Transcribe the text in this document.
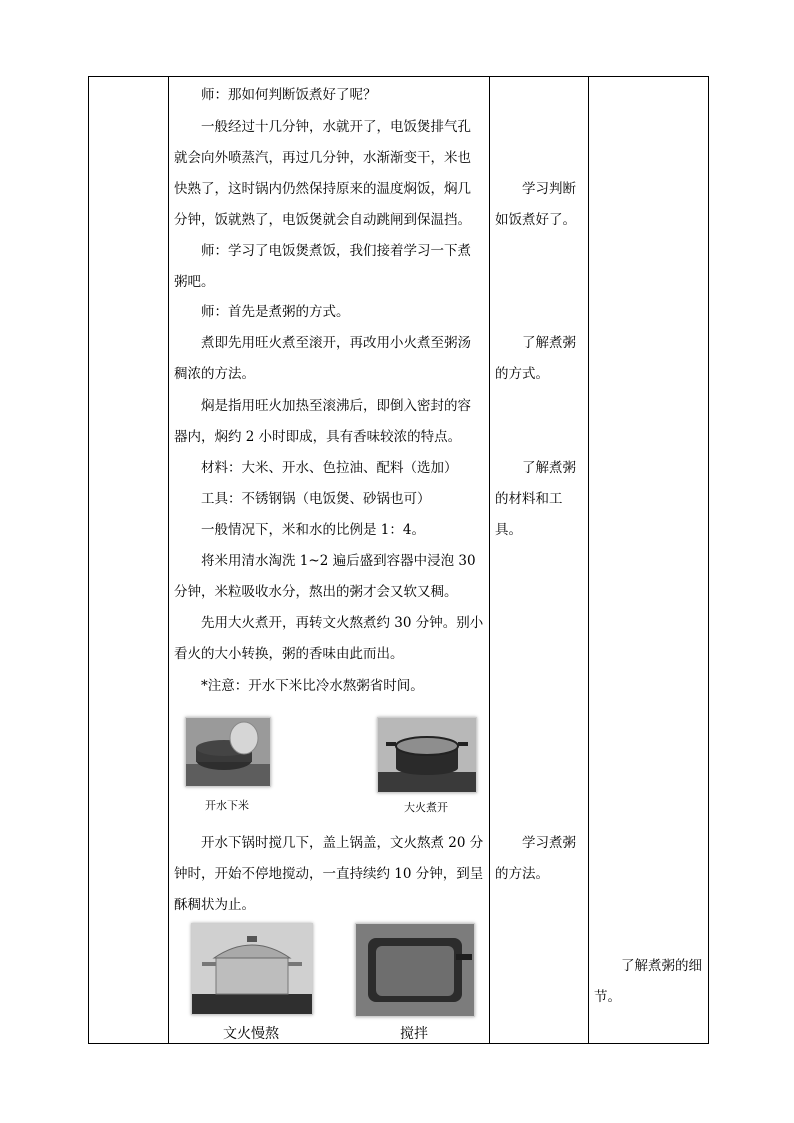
师：那如何判断饭煮好了呢？
一般经过十几分钟，水就开了，电饭煲排气孔就会向外喷蒸汽，再过几分钟，水渐渐变干，米也快熟了，这时锅内仍然保持原来的温度焖饭，焖几分钟，饭就熟了，电饭煲就会自动跳闸到保温挡。
师：学习了电饭煲煮饭，我们接着学习一下煮粥吧。
师：首先是煮粥的方式。
煮即先用旺火煮至滚开，再改用小火煮至粥汤稠浓的方法。
焖是指用旺火加热至滚沸后，即倒入密封的容器内，焖约 2 小时即成，具有香味较浓的特点。
材料：大米、开水、色拉油、配料（选加）
工具：不锈钢锅（电饭煲、砂锅也可）
一般情况下，米和水的比例是 1：4。
将米用清水淘洗 1~2 遍后盛到容器中浸泡 30 分钟，米粒吸收水分，熬出的粥才会又软又稠。
先用大火煮开，再转文火熬煮约 30 分钟。别小看火的大小转换，粥的香味由此而出。
*注意：开水下米比冷水熬粥省时间。
开水下米	大火煮开
开水下锅时搅几下，盖上锅盖，文火熬煮 20 分钟时，开始不停地搅动，一直持续约 10 分钟，到呈酥稠状为止。
文火慢熬	搅拌

学习判断如饭煮好了。
了解煮粥的方式。
了解煮粥的材料和工具。
学习煮粥的方法。

了解煮粥的细节。
